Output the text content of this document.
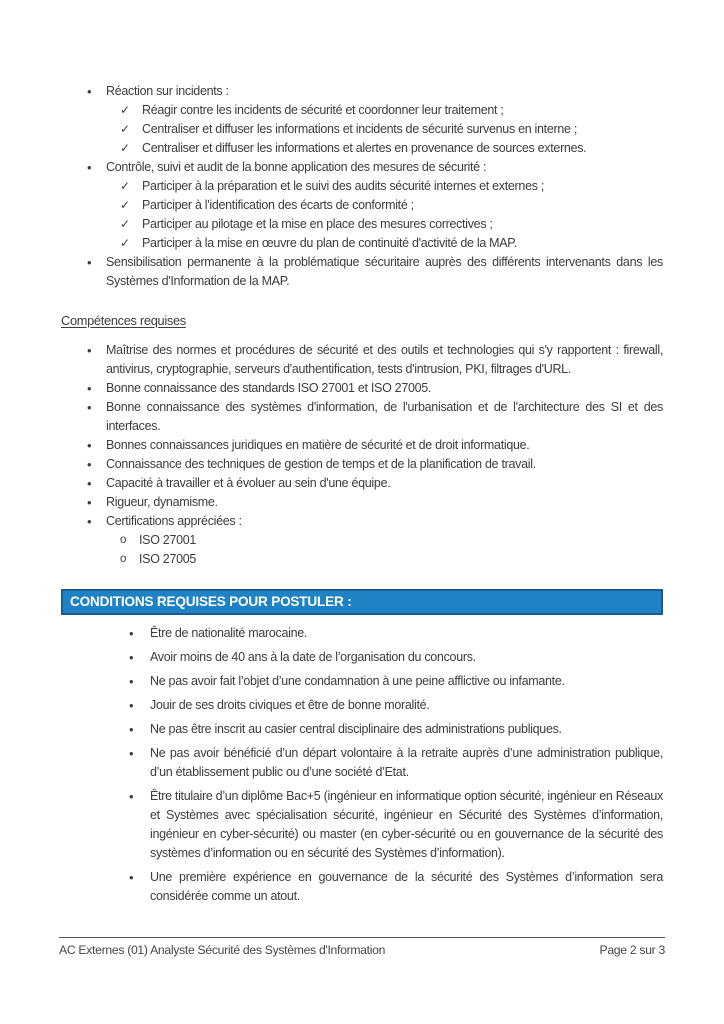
• Réaction sur incidents :
✓ Réagir contre les incidents de sécurité et coordonner leur traitement ;
✓ Centraliser et diffuser les informations et incidents de sécurité survenus en interne ;
✓ Centraliser et diffuser les informations et alertes en provenance de sources externes.
• Contrôle, suivi et audit de la bonne application des mesures de sécurité :
✓ Participer à la préparation et le suivi des audits sécurité internes et externes ;
✓ Participer à l'identification des écarts de conformité ;
✓ Participer au pilotage et la mise en place des mesures correctives ;
✓ Participer à la mise en œuvre du plan de continuité d'activité de la MAP.
• Sensibilisation permanente à la problématique sécuritaire auprès des différents intervenants dans les Systèmes d'Information de la MAP.
Compétences requises
• Maîtrise des normes et procédures de sécurité et des outils et technologies qui s'y rapportent : firewall, antivirus, cryptographie, serveurs d'authentification, tests d'intrusion, PKI, filtrages d'URL.
• Bonne connaissance des standards ISO 27001 et ISO 27005.
• Bonne connaissance des systèmes d'information, de l'urbanisation et de l'architecture des SI et des interfaces.
• Bonnes connaissances juridiques en matière de sécurité et de droit informatique.
• Connaissance des techniques de gestion de temps et de la planification de travail.
• Capacité à travailler et à évoluer au sein d'une équipe.
• Rigueur, dynamisme.
• Certifications appréciées :
o ISO 27001
o ISO 27005
CONDITIONS REQUISES POUR POSTULER :
• Être de nationalité marocaine.
• Avoir moins de 40 ans à la date de l’organisation du concours.
• Ne pas avoir fait l’objet d’une condamnation à une peine afflictive ou infamante.
• Jouir de ses droits civiques et être de bonne moralité.
• Ne pas être inscrit au casier central disciplinaire des administrations publiques.
• Ne pas avoir bénéficié d’un départ volontaire à la retraite auprès d’une administration publique, d’un établissement public ou d’une société d’Etat.
• Être titulaire d’un diplôme Bac+5 (ingénieur en informatique option sécurité, ingénieur en Réseaux et Systèmes avec spécialisation sécurité, ingénieur en Sécurité des Systèmes d’information, ingénieur en cyber-sécurité) ou master (en cyber-sécurité ou en gouvernance de la sécurité des systèmes d’information ou en sécurité des Systèmes d’information).
• Une première expérience en gouvernance de la sécurité des Systèmes d’information sera considérée comme un atout.
AC Externes (01) Analyste Sécurité des Systèmes d'Information	Page 2 sur 3
